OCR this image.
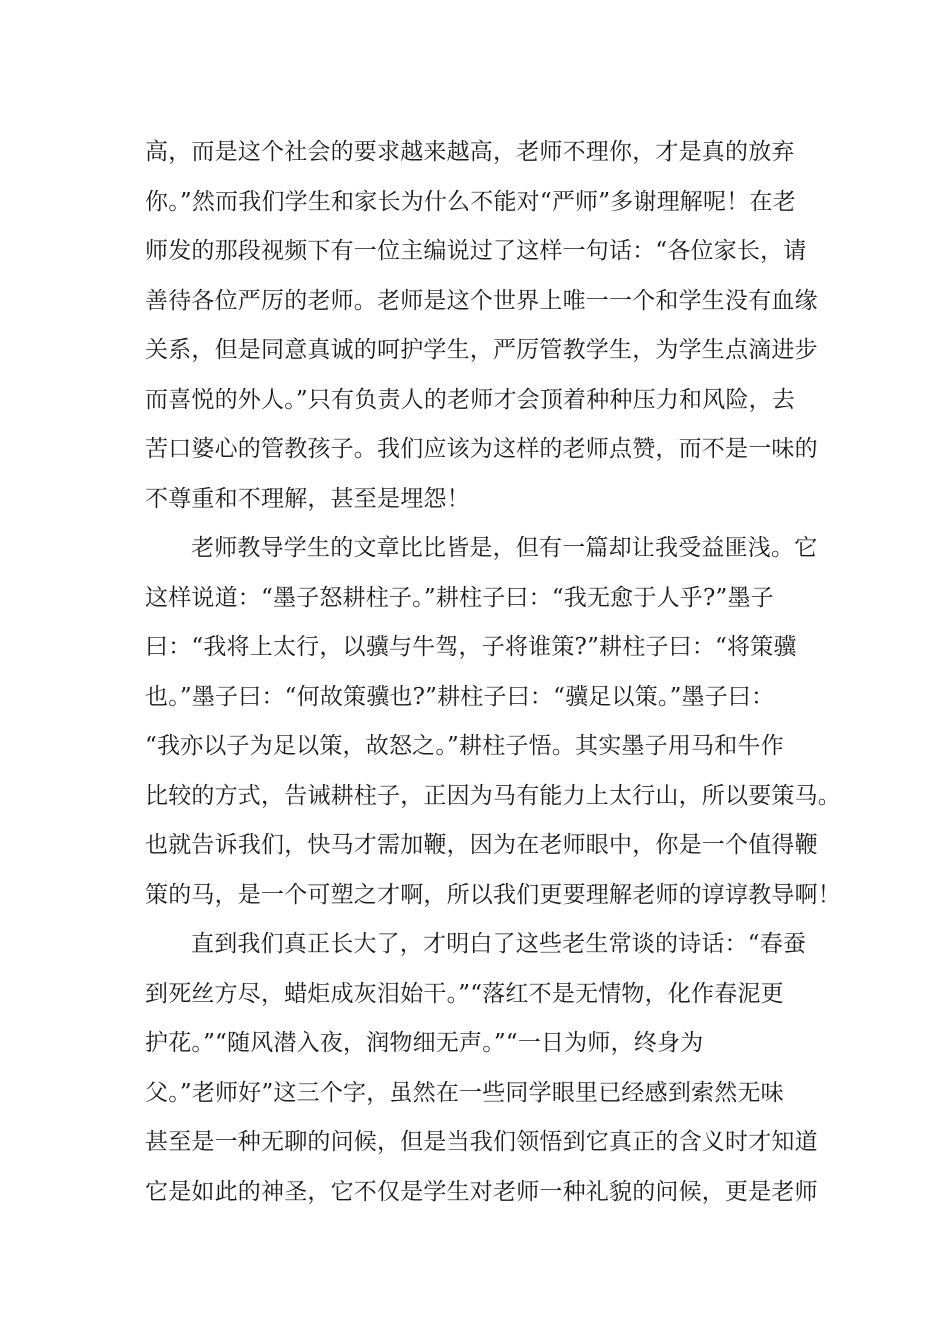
高，而是这个社会的要求越来越高，老师不理你，才是真的放弃
你。”然而我们学生和家长为什么不能对“严师”多谢理解呢！在老
师发的那段视频下有一位主编说过了这样一句话：“各位家长，请
善待各位严厉的老师。老师是这个世界上唯一一个和学生没有血缘
关系，但是同意真诚的呵护学生，严厉管教学生，为学生点滴进步
而喜悦的外人。”只有负责人的老师才会顶着种种压力和风险，去
苦口婆心的管教孩子。我们应该为这样的老师点赞，而不是一味的
不尊重和不理解，甚至是埋怨！
老师教导学生的文章比比皆是，但有一篇却让我受益匪浅。它
这样说道：“墨子怒耕柱子。”耕柱子曰：“我无愈于人乎?”墨子
曰：“我将上太行，以骥与牛驾，子将谁策?”耕柱子曰：“将策骥
也。”墨子曰：“何故策骥也?”耕柱子曰：“骥足以策。”墨子曰：
“我亦以子为足以策，故怒之。”耕柱子悟。其实墨子用马和牛作
比较的方式，告诫耕柱子，正因为马有能力上太行山，所以要策马。
也就告诉我们，快马才需加鞭，因为在老师眼中，你是一个值得鞭
策的马，是一个可塑之才啊，所以我们更要理解老师的谆谆教导啊！
直到我们真正长大了，才明白了这些老生常谈的诗话：“春蚕
到死丝方尽，蜡炬成灰泪始干。”“落红不是无情物，化作春泥更
护花。”“随风潜入夜，润物细无声。”“一日为师，终身为
父。”老师好”这三个字，虽然在一些同学眼里已经感到索然无味
甚至是一种无聊的问候，但是当我们领悟到它真正的含义时才知道
它是如此的神圣，它不仅是学生对老师一种礼貌的问候，更是老师
